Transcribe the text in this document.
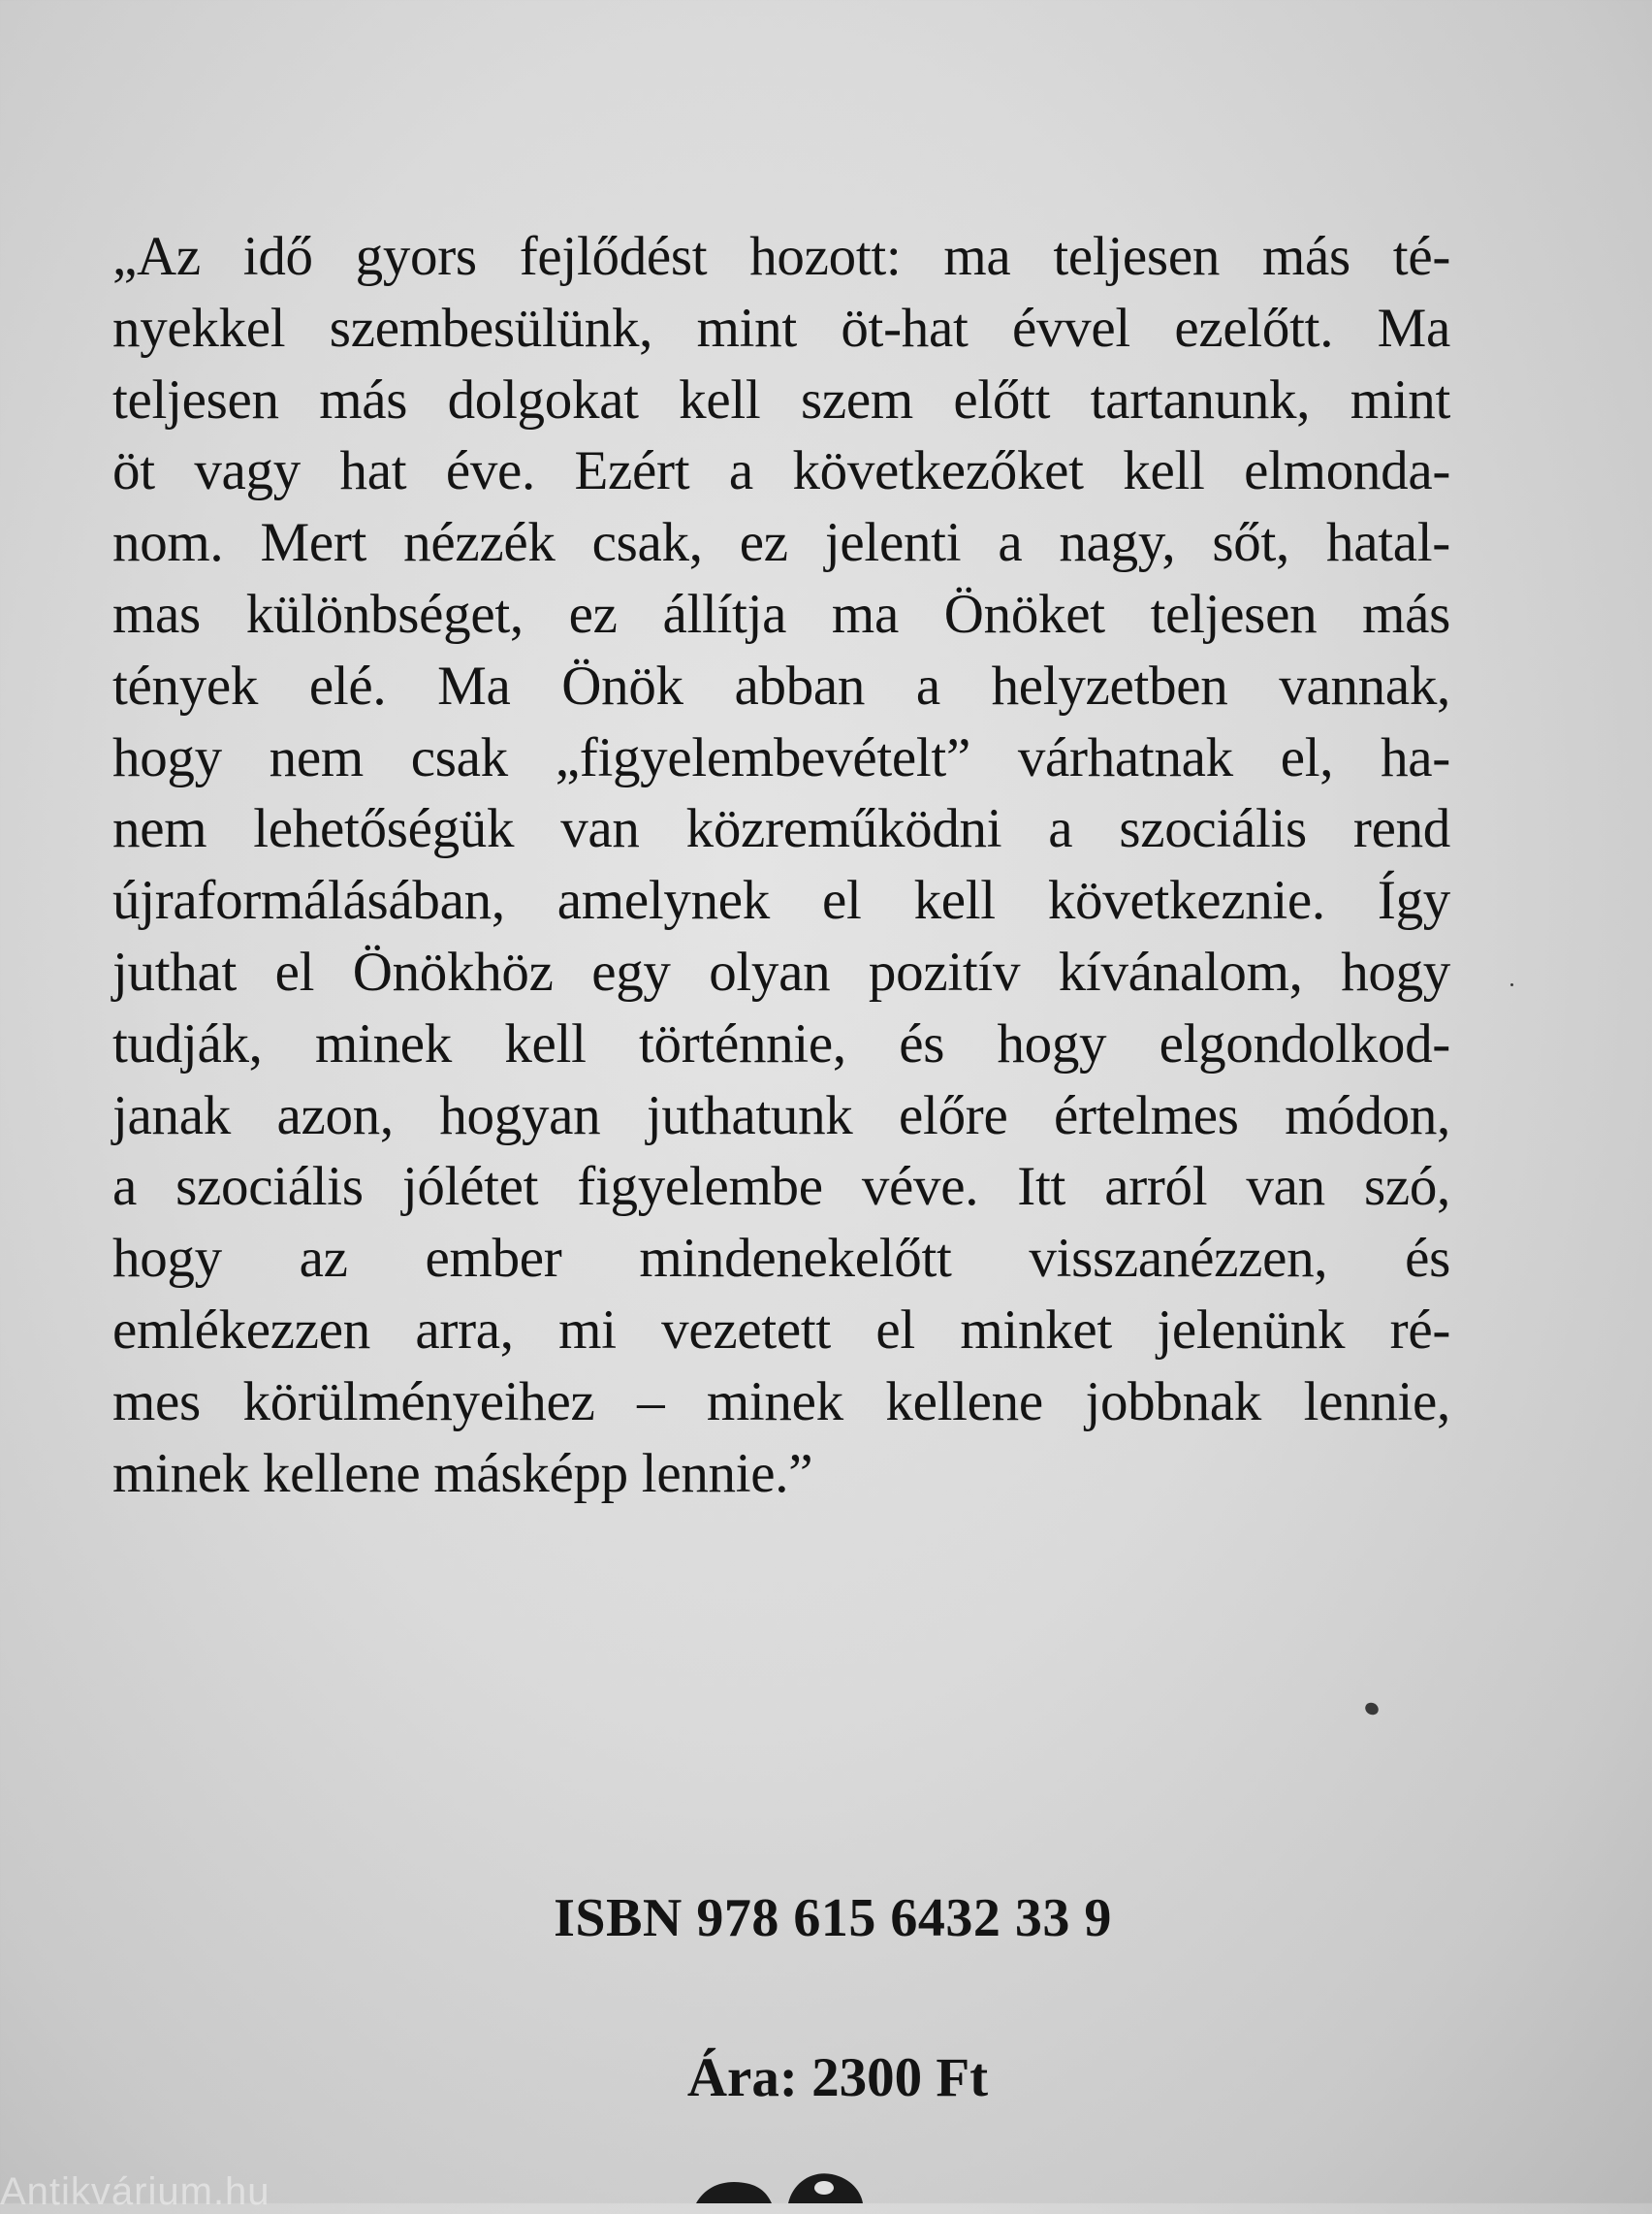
„Az idő gyors fejlődést hozott: ma teljesen más té-
nyekkel szembesülünk, mint öt-hat évvel ezelőtt. Ma
teljesen más dolgokat kell szem előtt tartanunk, mint
öt vagy hat éve. Ezért a következőket kell elmonda-
nom. Mert nézzék csak, ez jelenti a nagy, sőt, hatal-
mas különbséget, ez állítja ma Önöket teljesen más
tények elé. Ma Önök abban a helyzetben vannak,
hogy nem csak „figyelembevételt” várhatnak el, ha-
nem lehetőségük van közreműködni a szociális rend
újraformálásában, amelynek el kell következnie. Így
juthat el Önökhöz egy olyan pozitív kívánalom, hogy
tudják, minek kell történnie, és hogy elgondolkod-
janak azon, hogyan juthatunk előre értelmes módon,
a szociális jólétet figyelembe véve. Itt arról van szó,
hogy az ember mindenekelőtt visszanézzen, és
emlékezzen arra, mi vezetett el minket jelenünk ré-
mes körülményeihez – minek kellene jobbnak lennie,
minek kellene másképp lennie.”

ISBN 978 615 6432 33 9

Ára: 2300 Ft

Antikvárium.hu
